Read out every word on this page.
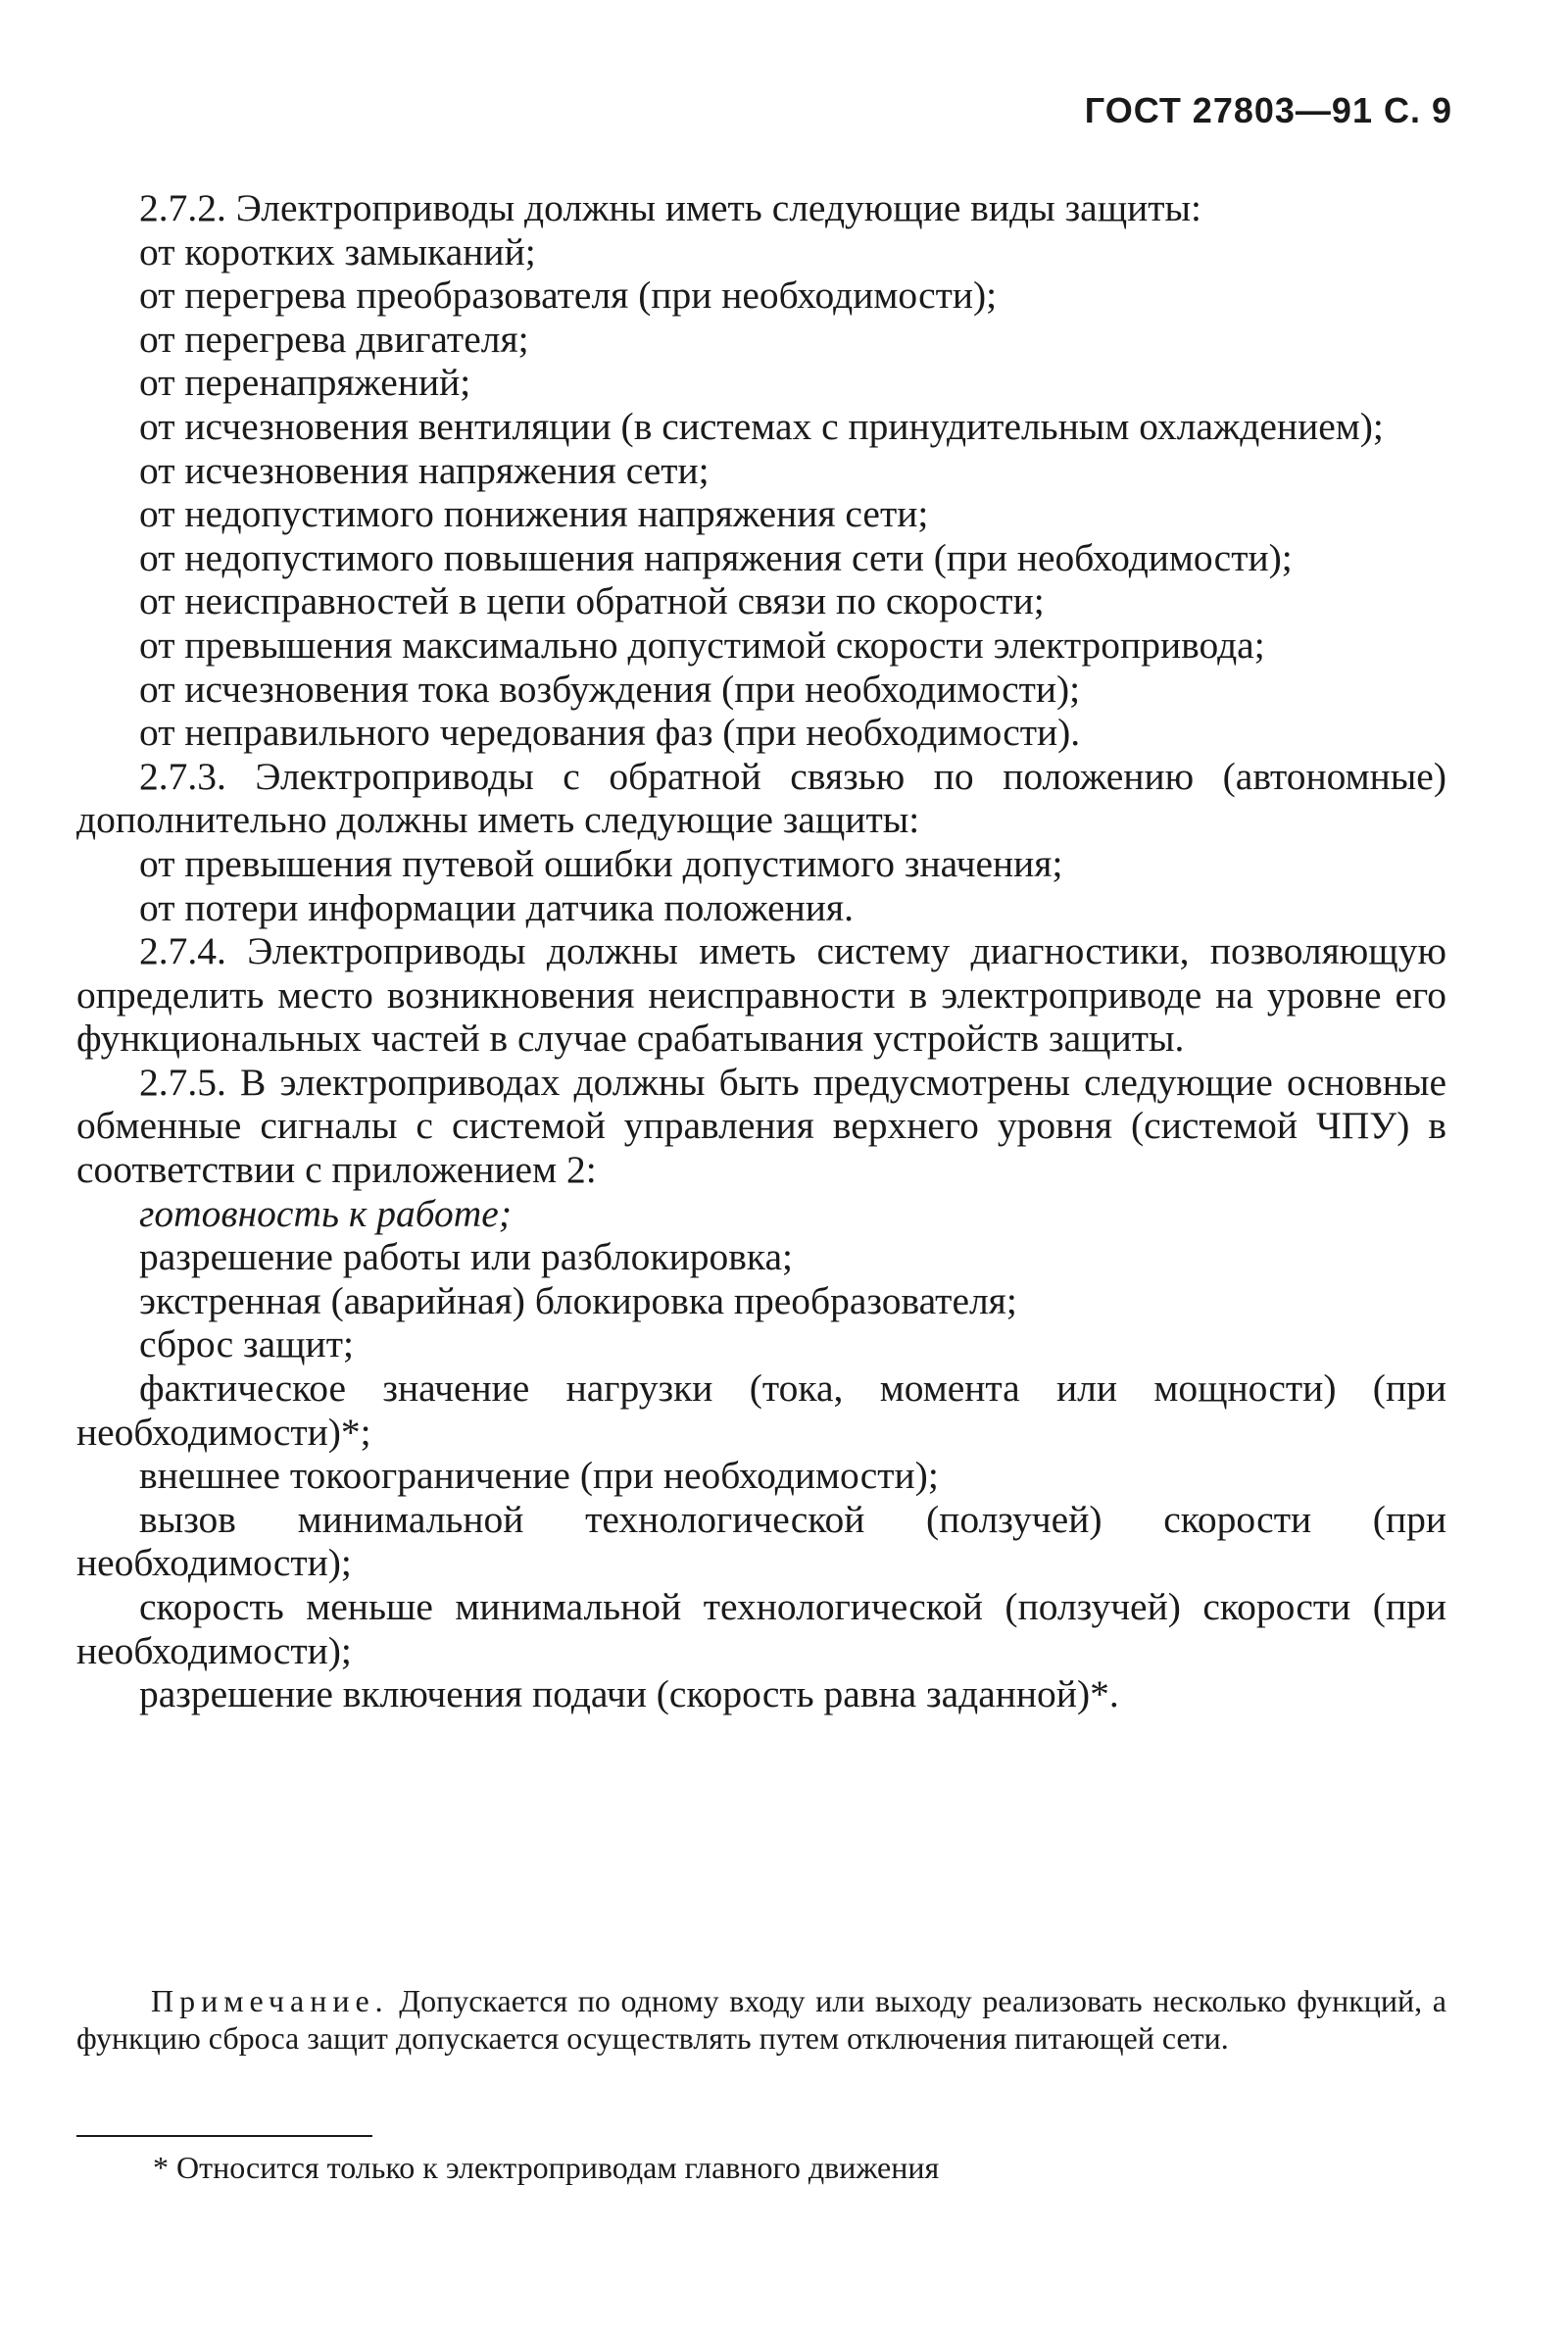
ГОСТ 27803—91 С. 9

2.7.2. Электроприводы должны иметь следующие виды защиты:

от коротких замыканий;

от перегрева преобразователя (при необходимости);

от перегрева двигателя;

от перенапряжений;

от исчезновения вентиляции (в системах с принудительным охлаждением);

от исчезновения напряжения сети;

от недопустимого понижения напряжения сети;

от недопустимого повышения напряжения сети (при необходимости);

от неисправностей в цепи обратной связи по скорости;

от превышения максимально допустимой скорости электропривода;

от исчезновения тока возбуждения (при необходимости);

от неправильного чередования фаз (при необходимости).

2.7.3. Электроприводы с обратной связью по положению (автономные) дополнительно должны иметь следующие защиты:

от превышения путевой ошибки допустимого значения;

от потери информации датчика положения.

2.7.4. Электроприводы должны иметь систему диагностики, позволяющую определить место возникновения неисправности в электроприводе на уровне его функциональных частей в случае срабатывания устройств защиты.

2.7.5. В электроприводах должны быть предусмотрены следующие основные обменные сигналы с системой управления верхнего уровня (системой ЧПУ) в соответствии с приложением 2:

готовность к работе;

разрешение работы или разблокировка;

экстренная (аварийная) блокировка преобразователя;

сброс защит;

фактическое значение нагрузки (тока, момента или мощности) (при необходимости)*;

внешнее токоограничение (при необходимости);

вызов минимальной технологической (ползучей) скорости (при необходимости);

скорость меньше минимальной технологической (ползучей) скорости (при необходимости);

разрешение включения подачи (скорость равна заданной)*.

Примечание. Допускается по одному входу или выходу реализовать несколько функций, а функцию сброса защит допускается осуществлять путем отключения питающей сети.

* Относится только к электроприводам главного движения
